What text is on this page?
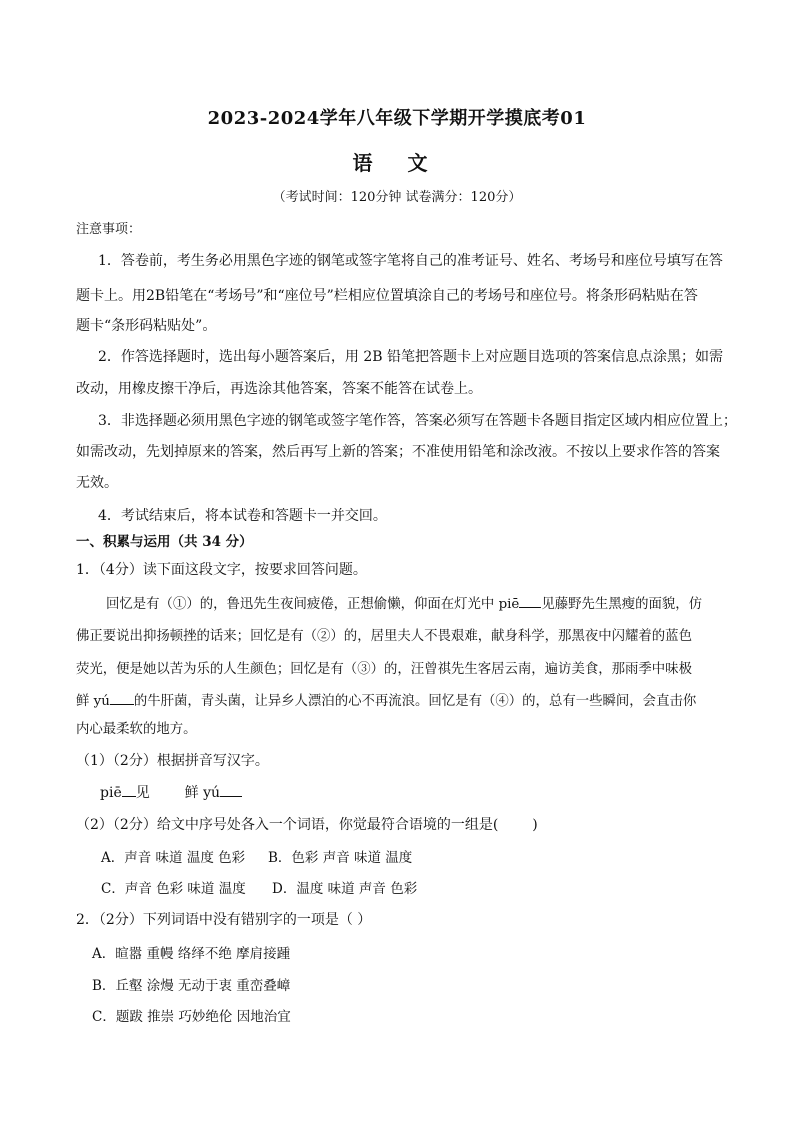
2023-2024学年八年级下学期开学摸底考01
语 文
（考试时间：120分钟 试卷满分：120分）
注意事项：
1．答卷前，考生务必用黑色字迹的钢笔或签字笔将自己的准考证号、姓名、考场号和座位号填写在答
题卡上。用2B铅笔在“考场号”和“座位号”栏相应位置填涂自己的考场号和座位号。将条形码粘贴在答
题卡“条形码粘贴处”。
2．作答选择题时，选出每小题答案后，用 2B 铅笔把答题卡上对应题目选项的答案信息点涂黑；如需
改动，用橡皮擦干净后，再选涂其他答案，答案不能答在试卷上。
3．非选择题必须用黑色字迹的钢笔或签字笔作答，答案必须写在答题卡各题目指定区域内相应位置上；
如需改动，先划掉原来的答案，然后再写上新的答案；不准使用铅笔和涂改液。不按以上要求作答的答案
无效。
4．考试结束后，将本试卷和答题卡一并交回。
一、积累与运用（共 34 分）
1．（4分）读下面这段文字，按要求回答问题。
回忆是有（①）的，鲁迅先生夜间疲倦，正想偷懒，仰面在灯光中 piē 见藤野先生黑瘦的面貌，仿
佛正要说出抑扬顿挫的话来；回忆是有（②）的，居里夫人不畏艰难，献身科学，那黑夜中闪耀着的蓝色
荧光，便是她以苦为乐的人生颜色；回忆是有（③）的，汪曾祺先生客居云南，遍访美食，那雨季中味极
鲜 yú 的牛肝菌，青头菌，让异乡人漂泊的心不再流浪。回忆是有（④）的，总有一些瞬间，会直击你
内心最柔软的地方。
（1）（2分）根据拼音写汉字。
piē 见 鲜 yú
（2）（2分）给文中序号处各入一个词语，你觉最符合语境的一组是( )
A．声音 味道 温度 色彩	B．色彩 声音 味道 温度
C．声音 色彩 味道 温度	D．温度 味道 声音 色彩
2．（2分）下列词语中没有错别字的一项是（ ）
A．暄嚣 重幔 络绎不绝 摩肩接踵
B．丘壑 涂熳 无动于衷 重峦叠嶂
C．题跋 推崇 巧妙绝伦 因地治宜
